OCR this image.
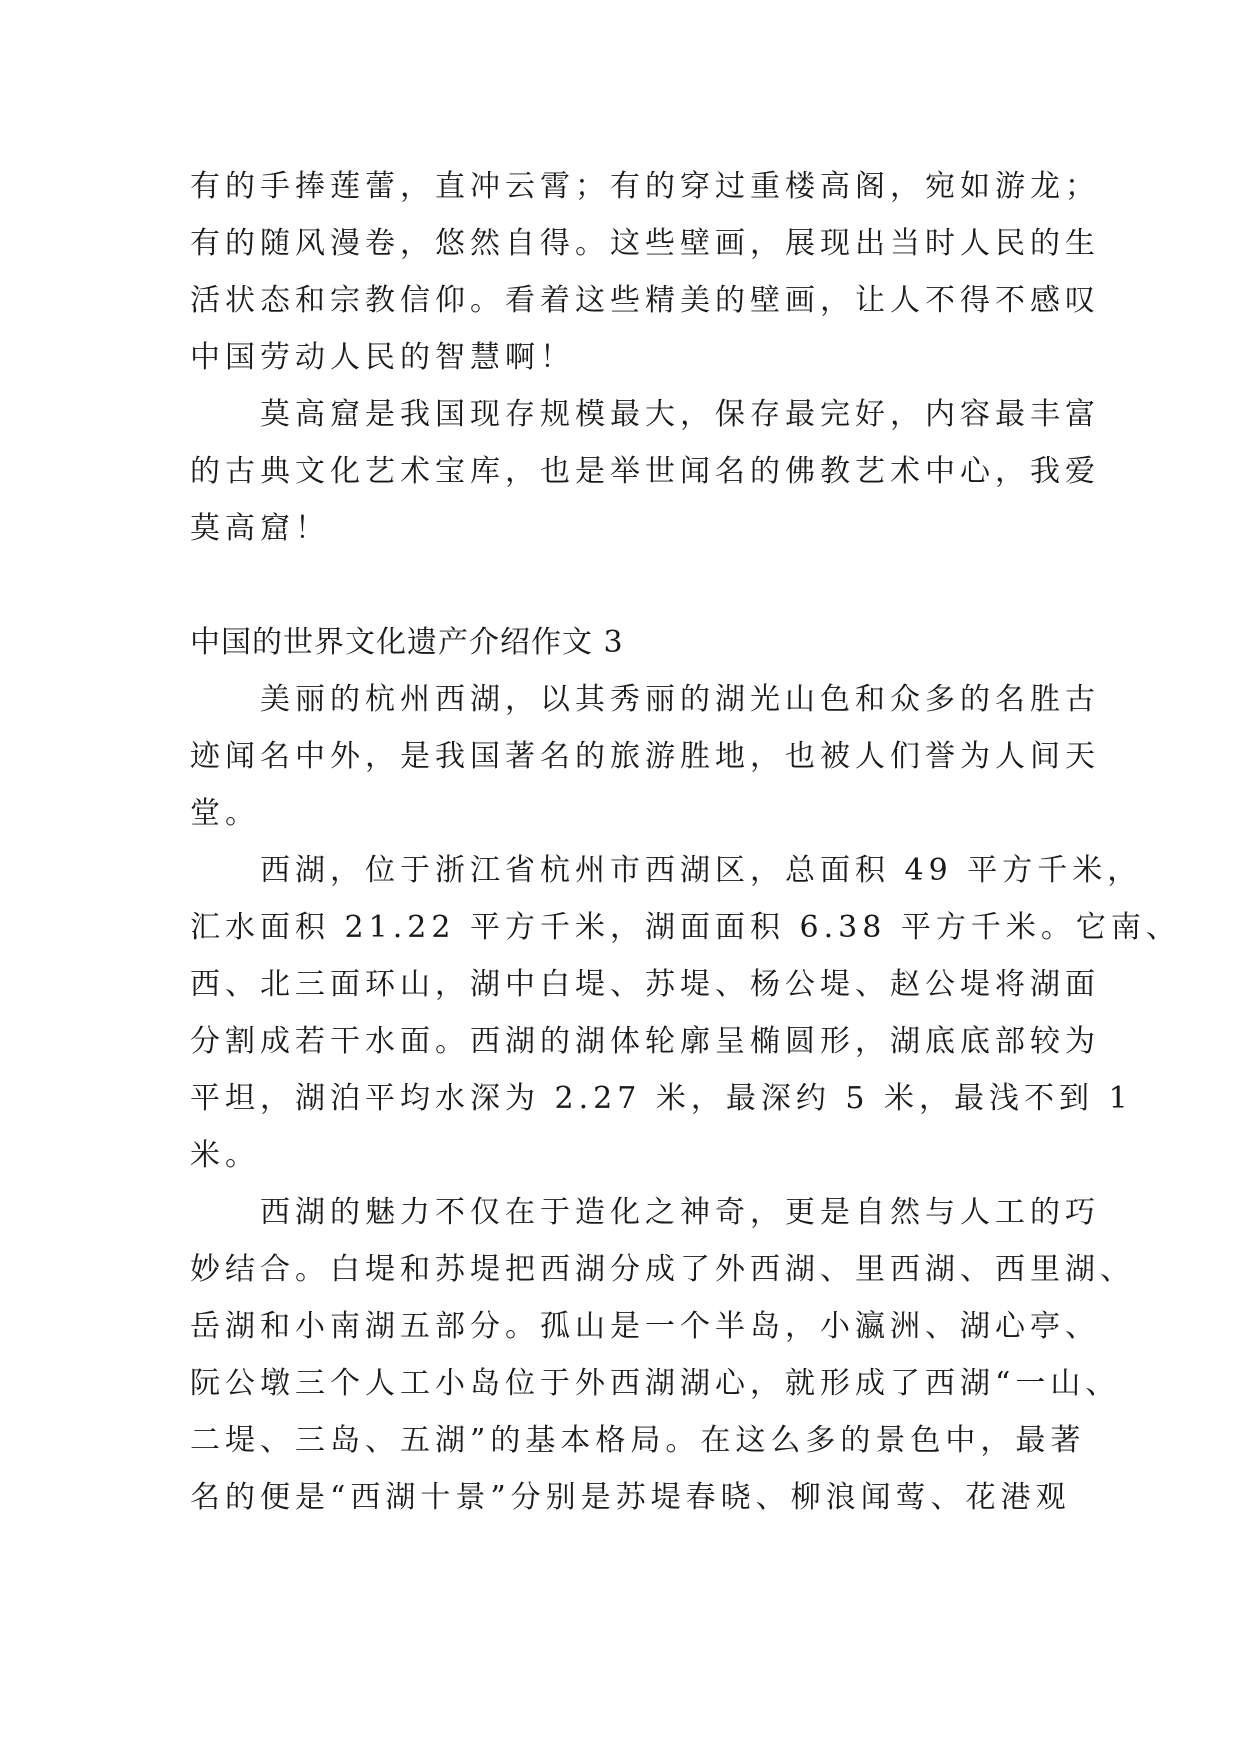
有的手捧莲蕾，直冲云霄；有的穿过重楼高阁，宛如游龙；
有的随风漫卷，悠然自得。这些壁画，展现出当时人民的生
活状态和宗教信仰。看着这些精美的壁画，让人不得不感叹
中国劳动人民的智慧啊！
莫高窟是我国现存规模最大，保存最完好，内容最丰富
的古典文化艺术宝库，也是举世闻名的佛教艺术中心，我爱
莫高窟！
中国的世界文化遗产介绍作文 3
美丽的杭州西湖，以其秀丽的湖光山色和众多的名胜古
迹闻名中外，是我国著名的旅游胜地，也被人们誉为人间天
堂。
西湖，位于浙江省杭州市西湖区，总面积 49 平方千米，
汇水面积 21.22 平方千米，湖面面积 6.38 平方千米。它南、
西、北三面环山，湖中白堤、苏堤、杨公堤、赵公堤将湖面
分割成若干水面。西湖的湖体轮廓呈椭圆形，湖底底部较为
平坦，湖泊平均水深为 2.27 米，最深约 5 米，最浅不到 1
米。
西湖的魅力不仅在于造化之神奇，更是自然与人工的巧
妙结合。白堤和苏堤把西湖分成了外西湖、里西湖、西里湖、
岳湖和小南湖五部分。孤山是一个半岛，小瀛洲、湖心亭、
阮公墩三个人工小岛位于外西湖湖心，就形成了西湖“一山、
二堤、三岛、五湖”的基本格局。在这么多的景色中，最著
名的便是“西湖十景”分别是苏堤春晓、柳浪闻莺、花港观
